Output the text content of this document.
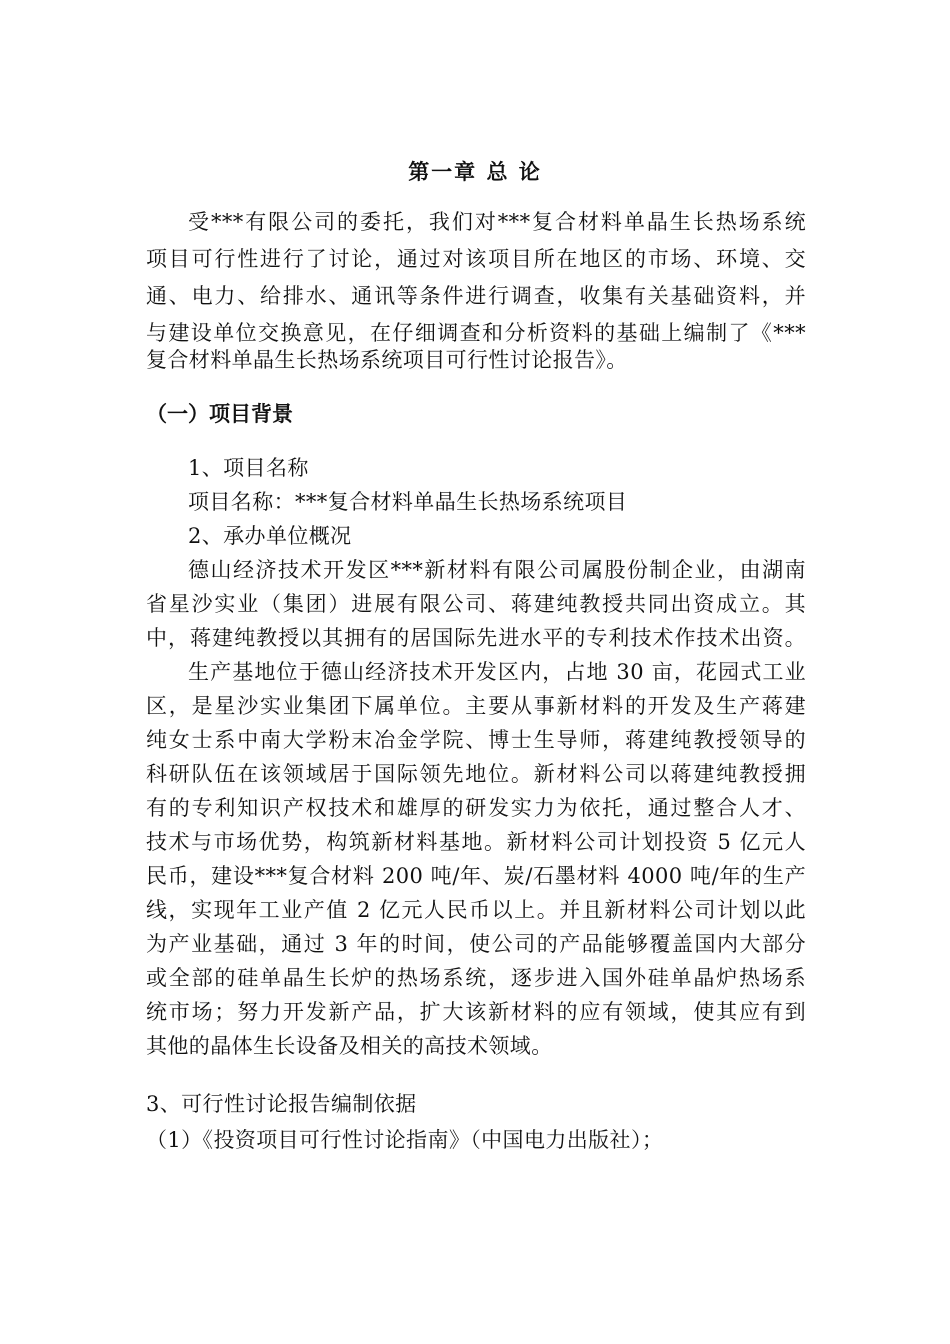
第一章 总 论

受***有限公司的委托，我们对***复合材料单晶生长热场系统

项目可行性进行了讨论，通过对该项目所在地区的市场、环境、交

通、电力、给排水、通讯等条件进行调查，收集有关基础资料，并

与建设单位交换意见，在仔细调查和分析资料的基础上编制了《***

复合材料单晶生长热场系统项目可行性讨论报告》。

（一）项目背景

1、项目名称

项目名称：***复合材料单晶生长热场系统项目

2、承办单位概况

德山经济技术开发区***新材料有限公司属股份制企业，由湖南

省星沙实业（集团）进展有限公司、蒋建纯教授共同出资成立。其

中，蒋建纯教授以其拥有的居国际先进水平的专利技术作技术出资。

生产基地位于德山经济技术开发区内，占地 30 亩，花园式工业

区，是星沙实业集团下属单位。主要从事新材料的开发及生产蒋建

纯女士系中南大学粉末冶金学院、博士生导师，蒋建纯教授领导的

科研队伍在该领域居于国际领先地位。新材料公司以蒋建纯教授拥

有的专利知识产权技术和雄厚的研发实力为依托，通过整合人才、

技术与市场优势，构筑新材料基地。新材料公司计划投资 5 亿元人

民币，建设***复合材料 200 吨/年、炭/石墨材料 4000 吨/年的生产

线，实现年工业产值 2 亿元人民币以上。并且新材料公司计划以此

为产业基础，通过 3 年的时间，使公司的产品能够覆盖国内大部分

或全部的硅单晶生长炉的热场系统，逐步进入国外硅单晶炉热场系

统市场；努力开发新产品，扩大该新材料的应有领域，使其应有到

其他的晶体生长设备及相关的高技术领域。

3、可行性讨论报告编制依据

（1）《投资项目可行性讨论指南》（中国电力出版社）；
